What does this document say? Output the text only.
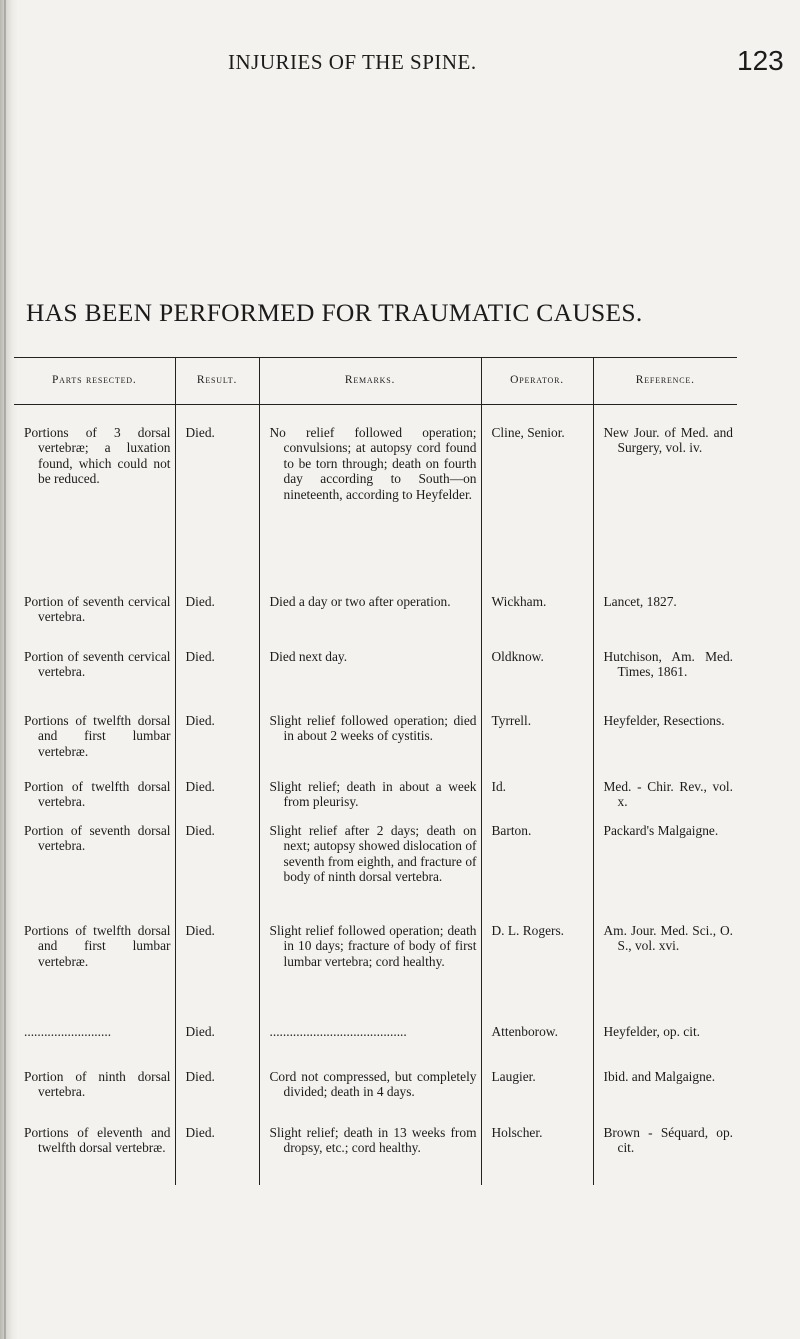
INJURIES OF THE SPINE.	123
HAS BEEN PERFORMED FOR TRAUMATIC CAUSES.
Parts resected.	Result.	Remarks.	Operator.	Reference.

Portions of 3 dorsal vertebræ; a luxation found, which could not be reduced.	Died.	No relief followed operation; convulsions; at autopsy cord found to be torn through; death on fourth day according to South—on nineteenth, according to Heyfelder.	Cline, Senior.	New Jour. of Med. and Surgery, vol. iv.

Portion of seventh cervical vertebra.	Died.	Died a day or two after operation.	Wickham.	Lancet, 1827.

Portion of seventh cervical vertebra.	Died.	Died next day.	Oldknow.	Hutchison, Am. Med. Times, 1861.

Portions of twelfth dorsal and first lumbar vertebræ.	Died.	Slight relief followed operation; died in about 2 weeks of cystitis.	Tyrrell.	Heyfelder, Resections.

Portion of twelfth dorsal vertebra.	Died.	Slight relief; death in about a week from pleurisy.	Id.	Med. - Chir. Rev., vol. x.

Portion of seventh dorsal vertebra.	Died.	Slight relief after 2 days; death on next; autopsy showed dislocation of seventh from eighth, and fracture of body of ninth dorsal vertebra.	Barton.	Packard's Malgaigne.

Portions of twelfth dorsal and first lumbar vertebræ.	Died.	Slight relief followed operation; death in 10 days; fracture of body of first lumbar vertebra; cord healthy.	D. L. Rogers.	Am. Jour. Med. Sci., O. S., vol. xvi.

..........................	Died.	.........................................	Attenborow.	Heyfelder, op. cit.

Portion of ninth dorsal vertebra.	Died.	Cord not compressed, but completely divided; death in 4 days.	Laugier.	Ibid. and Malgaigne.

Portions of eleventh and twelfth dorsal vertebræ.	Died.	Slight relief; death in 13 weeks from dropsy, etc.; cord healthy.	Holscher.	Brown - Séquard, op. cit.
